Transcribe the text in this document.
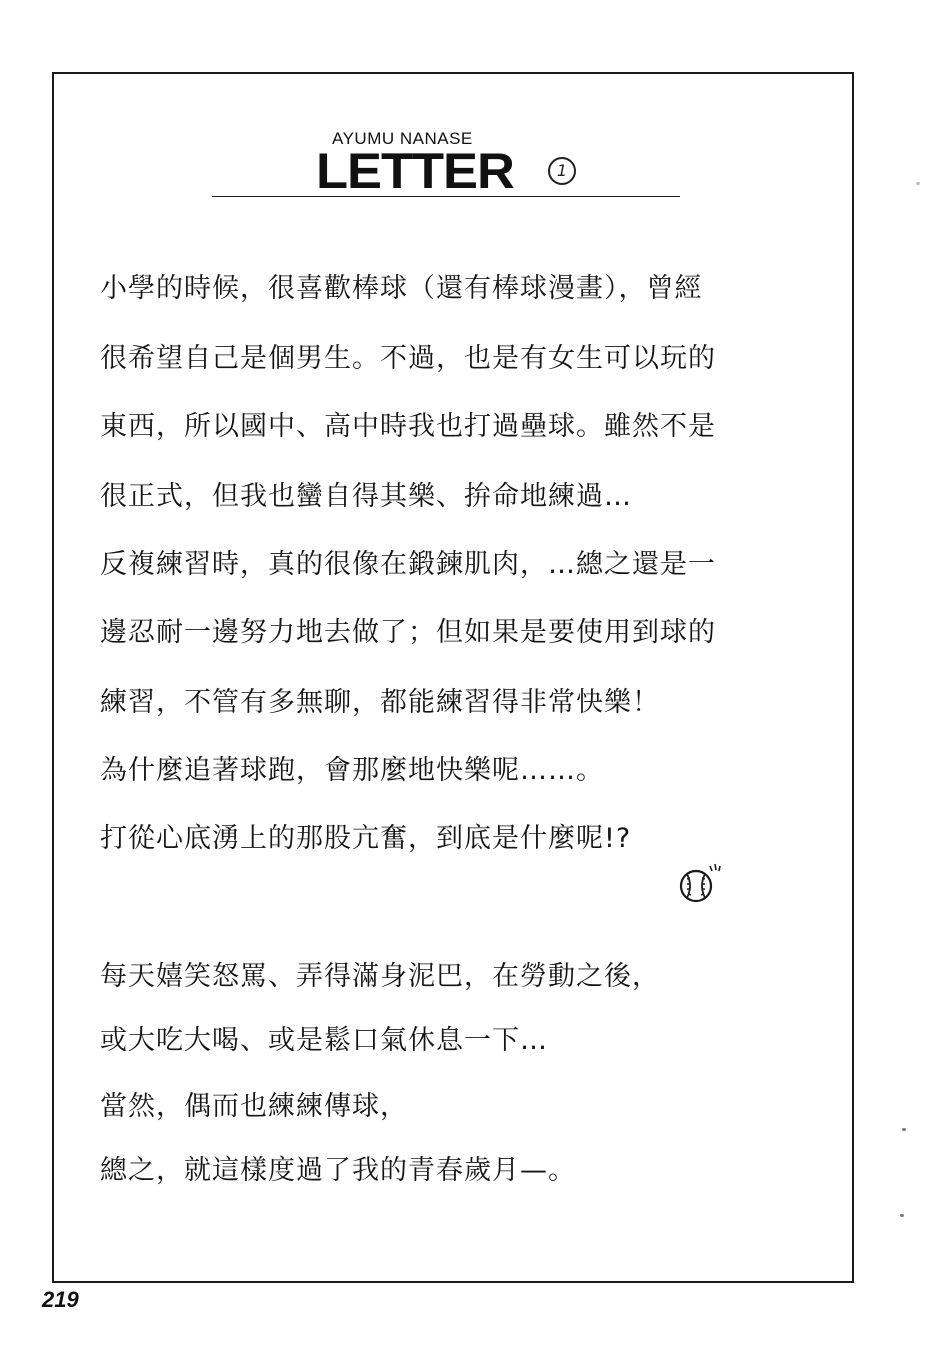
AYUMU NANASE
LETTER	1
小學的時候，很喜歡棒球（還有棒球漫畫），曾經
很希望自己是個男生。不過，也是有女生可以玩的
東西，所以國中、高中時我也打過壘球。雖然不是
很正式，但我也蠻自得其樂、拚命地練過…
反複練習時，真的很像在鍛鍊肌肉，…總之還是一
邊忍耐一邊努力地去做了；但如果是要使用到球的
練習，不管有多無聊，都能練習得非常快樂！
為什麼追著球跑，會那麼地快樂呢……。
打從心底湧上的那股亢奮，到底是什麼呢!?
每天嬉笑怒罵、弄得滿身泥巴，在勞動之後，
或大吃大喝、或是鬆口氣休息一下…
當然，偶而也練練傳球，
總之，就這樣度過了我的青春歲月—。
219
